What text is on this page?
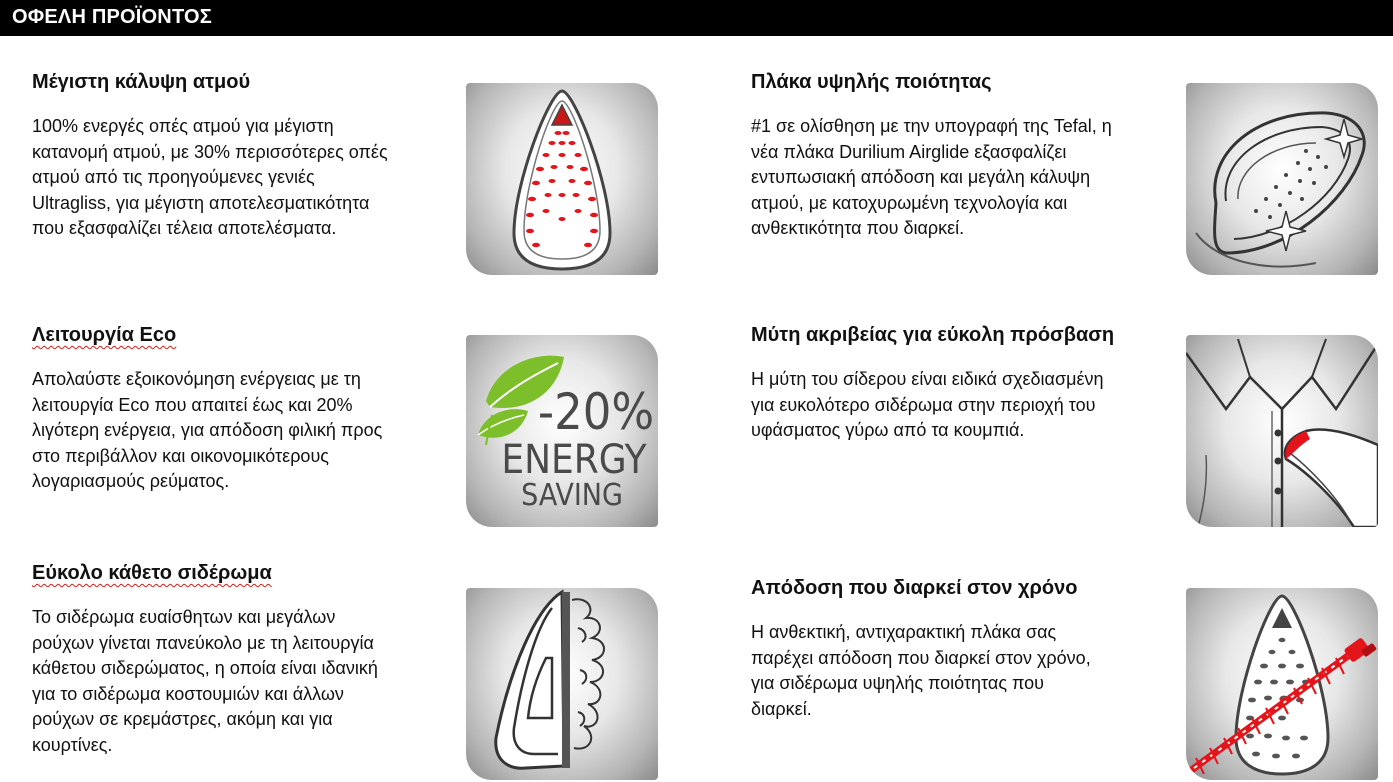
ΟΦΕΛΗ ΠΡΟΪΟΝΤΟΣ
Μέγιστη κάλυψη ατμού

100% ενεργές οπές ατμού για μέγιστη
κατανομή ατμού, με 30% περισσότερες οπές
ατμού από τις προηγούμενες γενιές
Ultragliss, για μέγιστη αποτελεσματικότητα
που εξασφαλίζει τέλεια αποτελέσματα.

Πλάκα υψηλής ποιότητας

#1 σε ολίσθηση με την υπογραφή της Tefal, η
νέα πλάκα Durilium Airglide εξασφαλίζει
εντυπωσιακή απόδοση και μεγάλη κάλυψη
ατμού, με κατοχυρωμένη τεχνολογία και
ανθεκτικότητα που διαρκεί.

Λειτουργία Eco

Απολαύστε εξοικονόμηση ενέργειας με τη
λειτουργία Eco που απαιτεί έως και 20%
λιγότερη ενέργεια, για απόδοση φιλική προς
στο περιβάλλον και οικονομικότερους
λογαριασμούς ρεύματος.

-20%
ENERGY
SAVING
Μύτη ακριβείας για εύκολη πρόσβαση

Η μύτη του σίδερου είναι ειδικά σχεδιασμένη
για ευκολότερο σιδέρωμα στην περιοχή του
υφάσματος γύρω από τα κουμπιά.

Εύκολο κάθετο σιδέρωμα

Το σιδέρωμα ευαίσθητων και μεγάλων
ρούχων γίνεται πανεύκολο με τη λειτουργία
κάθετου σιδερώματος, η οποία είναι ιδανική
για το σιδέρωμα κοστουμιών και άλλων
ρούχων σε κρεμάστρες, ακόμη και για
κουρτίνες.

Απόδοση που διαρκεί στον χρόνο

Η ανθεκτική, αντιχαρακτική πλάκα σας
παρέχει απόδοση που διαρκεί στον χρόνο,
για σιδέρωμα υψηλής ποιότητας που
διαρκεί.
